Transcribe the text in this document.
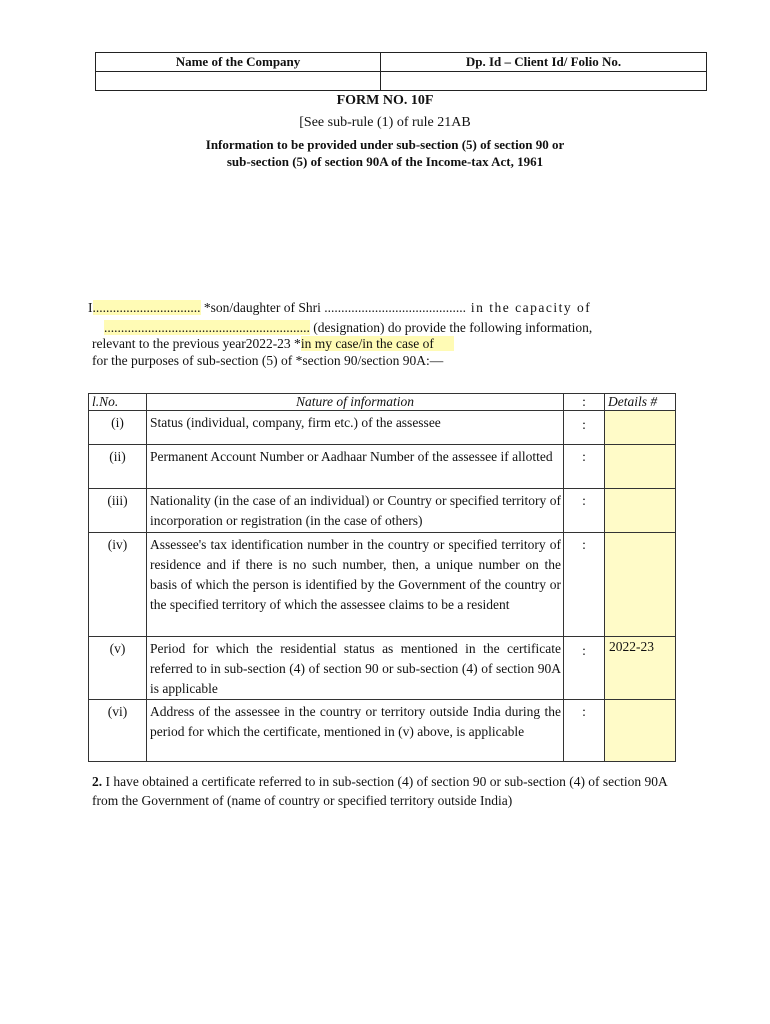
Name of the Company	Dp. Id – Client Id/ Folio No.

FORM NO. 10F
[See sub-rule (1) of rule 21AB
Information to be provided under sub-section (5) of section 90 or
sub-section (5) of section 90A of the Income-tax Act, 1961
I................................ *son/daughter of Shri .......................................... in the capacity of
............................................................. (designation) do provide the following information,
relevant to the previous year2022-23 *in my case/in the case of
for the purposes of sub-section (5) of *section 90/section 90A:—
l.No.	Nature of information	:	Details #
(i)	Status (individual, company, firm etc.) of the assessee	:	
(ii)	Permanent Account Number or Aadhaar Number of the assessee if allotted	:	
(iii)	Nationality (in the case of an individual) or Country or specified territory of incorporation or registration (in the case of others)	:	
(iv)	Assessee's tax identification number in the country or specified territory of residence and if there is no such number, then, a unique number on the basis of which the person is identified by the Government of the country or the specified territory of which the assessee claims to be a resident	:	
(v)	Period for which the residential status as mentioned in the certificate referred to in sub-section (4) of section 90 or sub-section (4) of section 90A is applicable	:	2022-23
(vi)	Address of the assessee in the country or territory outside India during the period for which the certificate, mentioned in (v) above, is applicable	:	
2. I have obtained a certificate referred to in sub-section (4) of section 90 or sub-section (4) of section 90A from the Government of (name of country or specified territory outside India)
